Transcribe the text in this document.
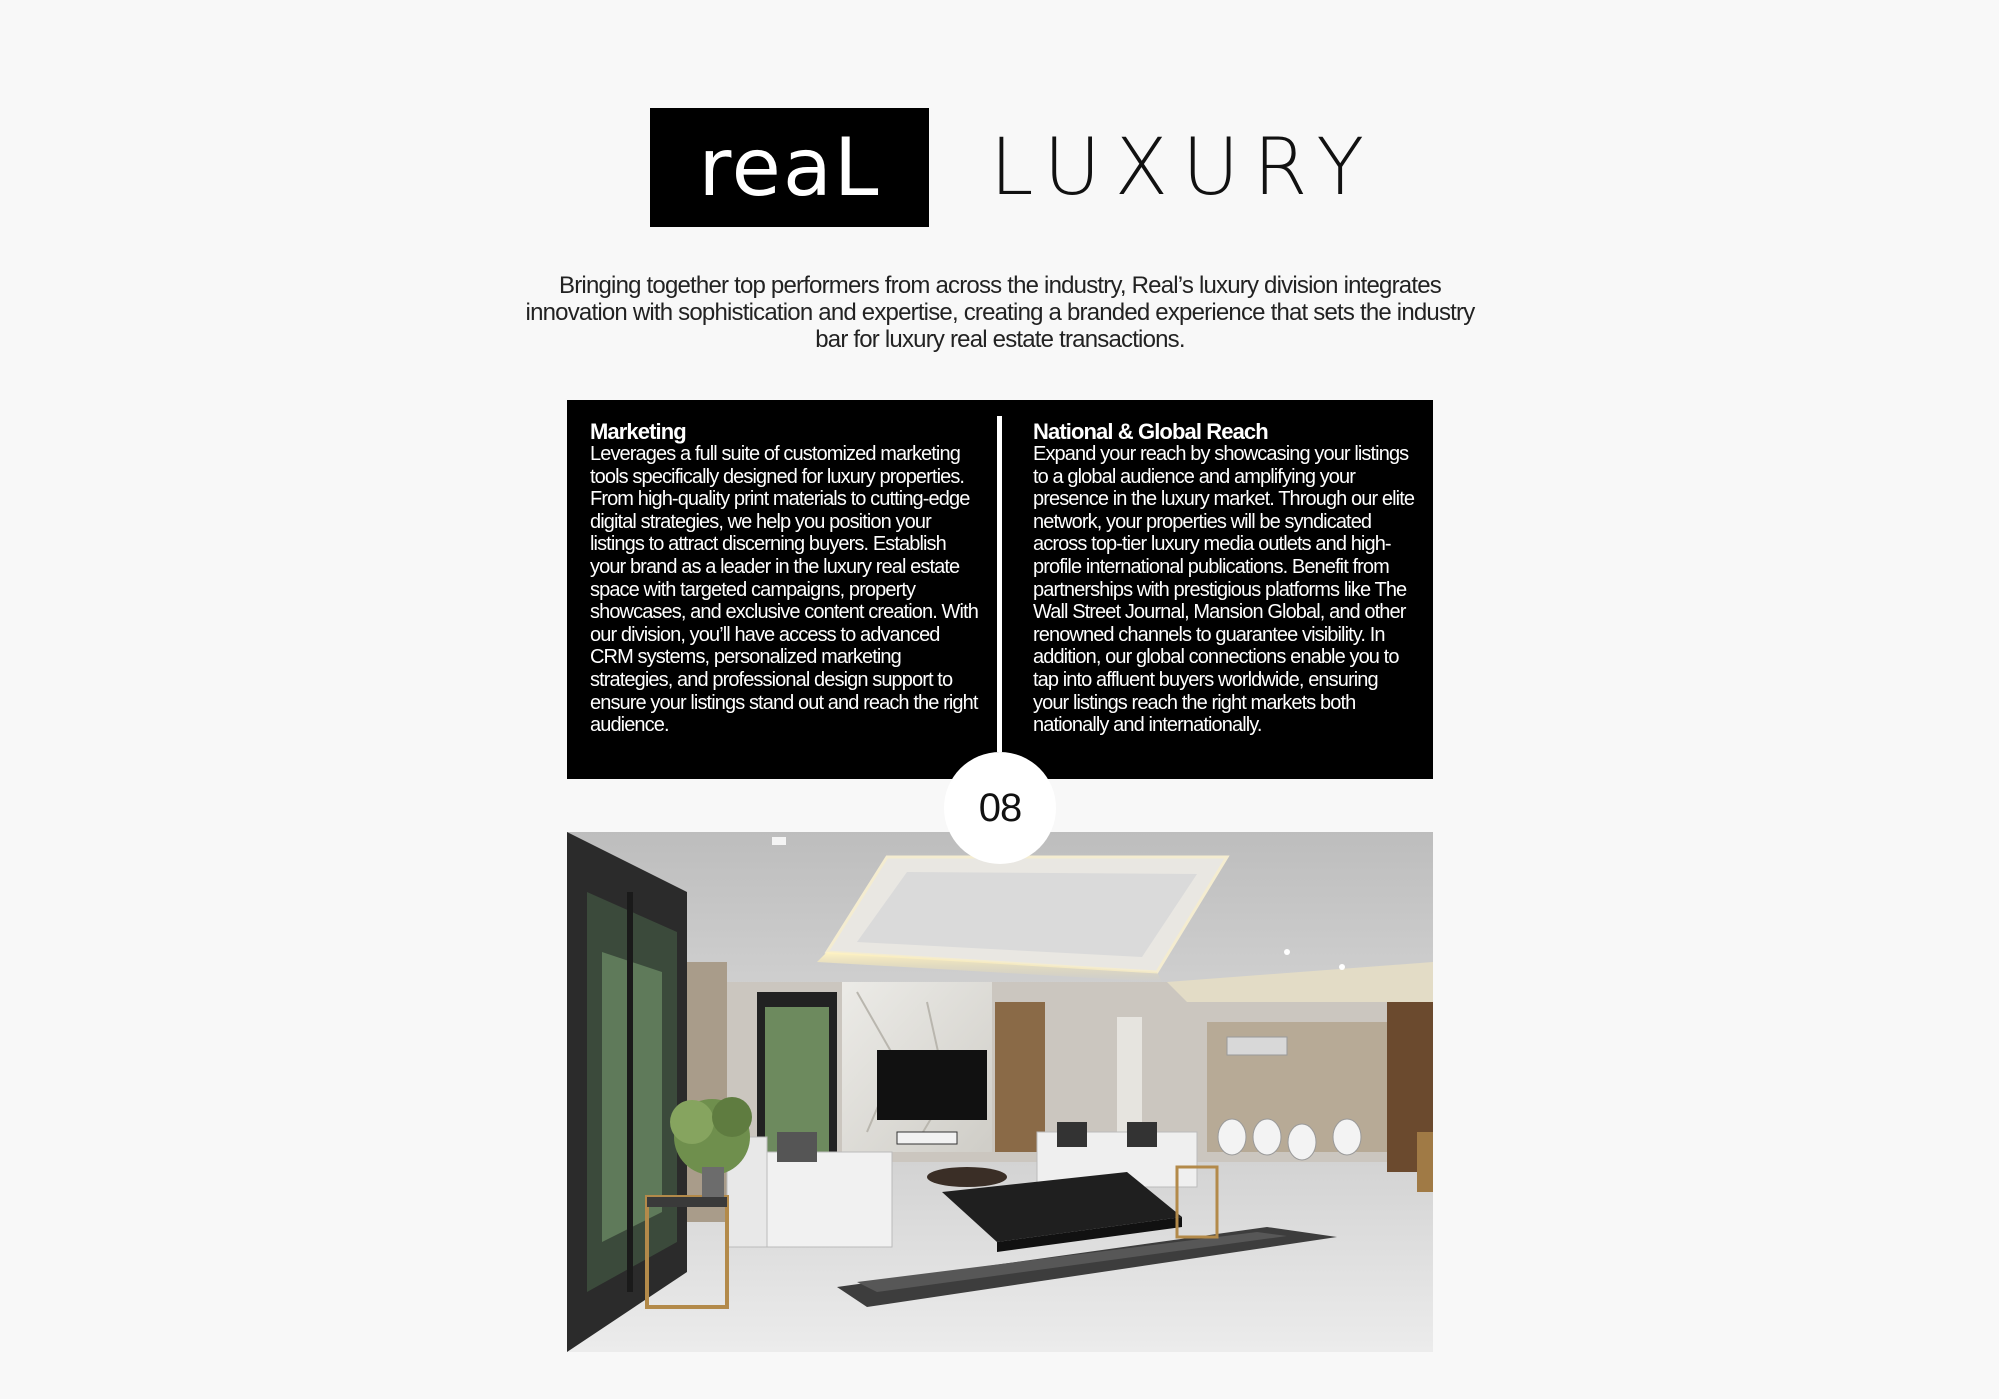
reaL LUXURY
Bringing together top performers from across the industry, Real’s luxury division integrates innovation with sophistication and expertise, creating a branded experience that sets the industry bar for luxury real estate transactions.
Marketing

Leverages a full suite of customized marketing tools specifically designed for luxury properties. From high-quality print materials to cutting-edge digital strategies, we help you position your listings to attract discerning buyers. Establish your brand as a leader in the luxury real estate space with targeted campaigns, property showcases, and exclusive content creation. With our division, you’ll have access to advanced CRM systems, personalized marketing strategies, and professional design support to ensure your listings stand out and reach the right audience.

National & Global Reach

Expand your reach by showcasing your listings to a global audience and amplifying your presence in the luxury market. Through our elite network, your properties will be syndicated across top-tier luxury media outlets and high-profile international publications. Benefit from partnerships with prestigious platforms like The Wall Street Journal, Mansion Global, and other renowned channels to guarantee visibility. In addition, our global connections enable you to tap into affluent buyers worldwide, ensuring your listings reach the right markets both nationally and internationally.

08
